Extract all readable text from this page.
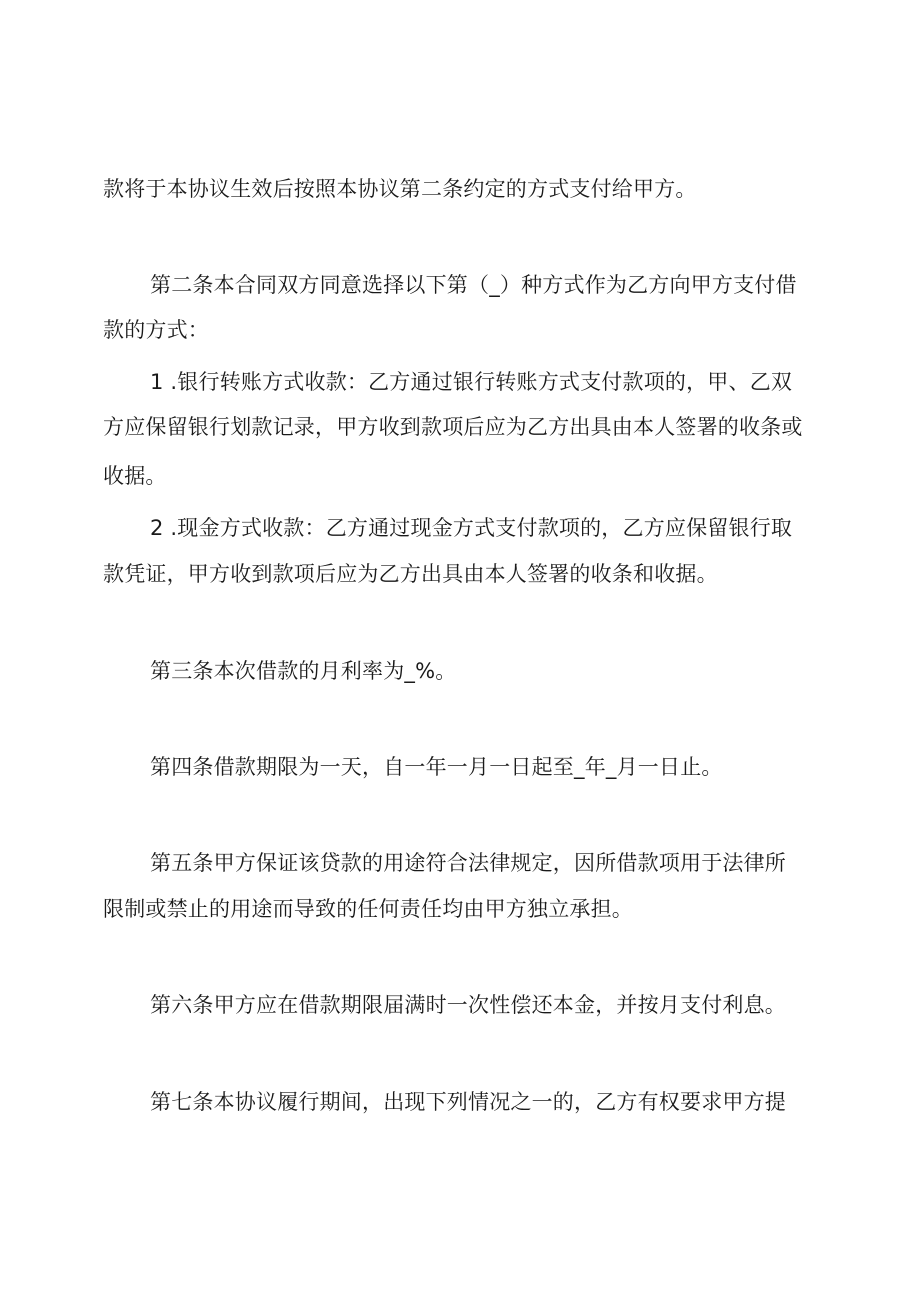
款将于本协议生效后按照本协议第二条约定的方式支付给甲方。
第二条本合同双方同意选择以下第（_）种方式作为乙方向甲方支付借
款的方式：
1 .银行转账方式收款：乙方通过银行转账方式支付款项的，甲、乙双
方应保留银行划款记录，甲方收到款项后应为乙方出具由本人签署的收条或
收据。
2 .现金方式收款：乙方通过现金方式支付款项的，乙方应保留银行取
款凭证，甲方收到款项后应为乙方出具由本人签署的收条和收据。
第三条本次借款的月利率为_%。
第四条借款期限为一天，自一年一月一日起至_年_月一日止。
第五条甲方保证该贷款的用途符合法律规定，因所借款项用于法律所
限制或禁止的用途而导致的任何责任均由甲方独立承担。
第六条甲方应在借款期限届满时一次性偿还本金，并按月支付利息。
第七条本协议履行期间，出现下列情况之一的，乙方有权要求甲方提
